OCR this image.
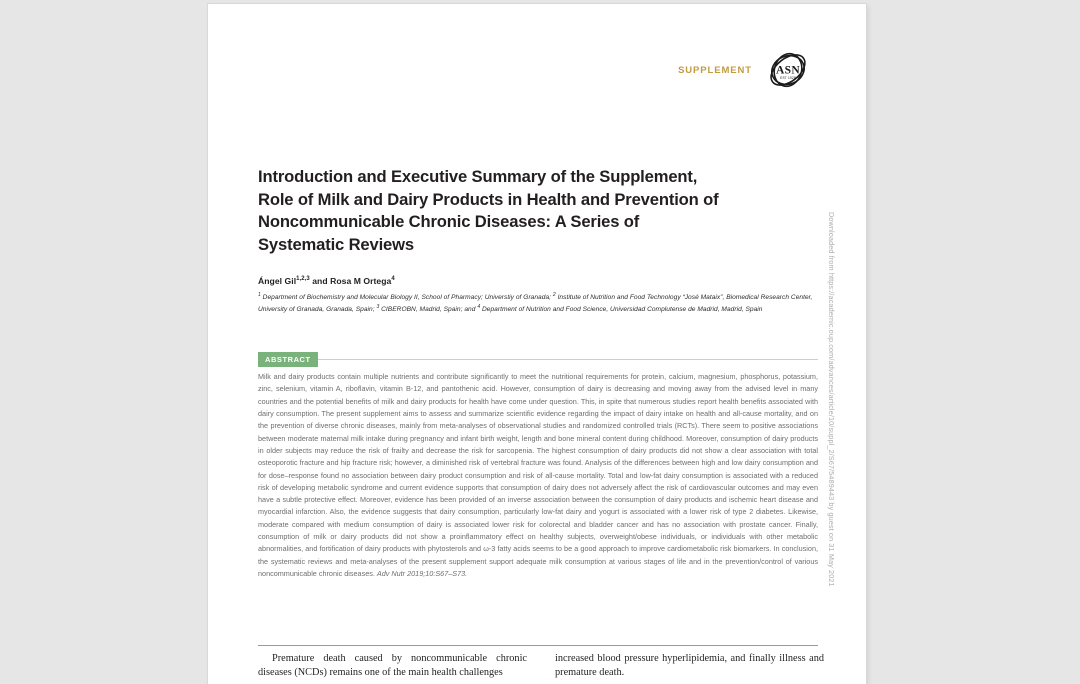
SUPPLEMENT ASN
EST 1928
Introduction and Executive Summary of the Supplement, Role of Milk and Dairy Products in Health and Prevention of Noncommunicable Chronic Diseases: A Series of Systematic Reviews

Ángel Gil$^{1,2,3}$ and Rosa M Ortega$^4$

$^1$ Department of Biochemistry and Molecular Biology II, School of Pharmacy; Universtiy of Granada; $^2$ Institute of Nutrition and Food Technology “José Mataix”, Biomedical Research Center, University of Granada, Granada, Spain; $^3$ CIBEROBN, Madrid, Spain; and $^4$ Department of Nutrition and Food Science, Universidad Complutense de Madrid, Madrid, Spain

ABSTRACT
Milk and dairy products contain multiple nutrients and contribute significantly to meet the nutritional requirements for protein, calcium, magnesium, phosphorus, potassium, zinc, selenium, vitamin A, riboflavin, vitamin B-12, and pantothenic acid. However, consumption of dairy is decreasing and moving away from the advised level in many countries and the potential benefits of milk and dairy products for health have come under question. This, in spite that numerous studies report health benefits associated with dairy consumption. The present supplement aims to assess and summarize scientific evidence regarding the impact of dairy intake on health and all-cause mortality, and on the prevention of diverse chronic diseases, mainly from meta-analyses of observational studies and randomized controlled trials (RCTs). There seem to positive associations between moderate maternal milk intake during pregnancy and infant birth weight, length and bone mineral content during childhood. Moreover, consumption of dairy products in older subjects may reduce the risk of frailty and decrease the risk for sarcopenia. The highest consumption of dairy products did not show a clear association with total osteoporotic fracture and hip fracture risk; however, a diminished risk of vertebral fracture was found. Analysis of the differences between high and low dairy consumption and for dose–response found no association between dairy product consumption and risk of all-cause mortality. Total and low-fat dairy consumption is associated with a reduced risk of developing metabolic syndrome and current evidence supports that consumption of dairy does not adversely affect the risk of cardiovascular outcomes and may even have a subtle protective effect. Moreover, evidence has been provided of an inverse association between the consumption of dairy products and ischemic heart disease and myocardial infarction. Also, the evidence suggests that dairy consumption, particularly low-fat dairy and yogurt is associated with a lower risk of type 2 diabetes. Likewise, moderate compared with medium consumption of dairy is associated lower risk for colorectal and bladder cancer and has no association with prostate cancer. Finally, consumption of milk or dairy products did not show a proinflammatory effect on healthy subjects, overweight/obese individuals, or individuals with other metabolic abnormalities, and fortification of dairy products with phytosterols and ω-3 fatty acids seems to be a good approach to improve cardiometabolic risk biomarkers. In conclusion, the systematic reviews and meta-analyses of the present supplement support adequate milk consumption at various stages of life and in the prevention/control of various noncommunicable chronic diseases. Adv Nutr 2019;10:S67–S73.

Premature death caused by noncommunicable chronic diseases (NCDs) remains one of the main health challenges

increased blood pressure hyperlipidemia, and finally illness and premature death.

Downloaded from https://academic.oup.com/advances/article/10/suppl_2/S67/5489443 by guest on 31 May 2021
